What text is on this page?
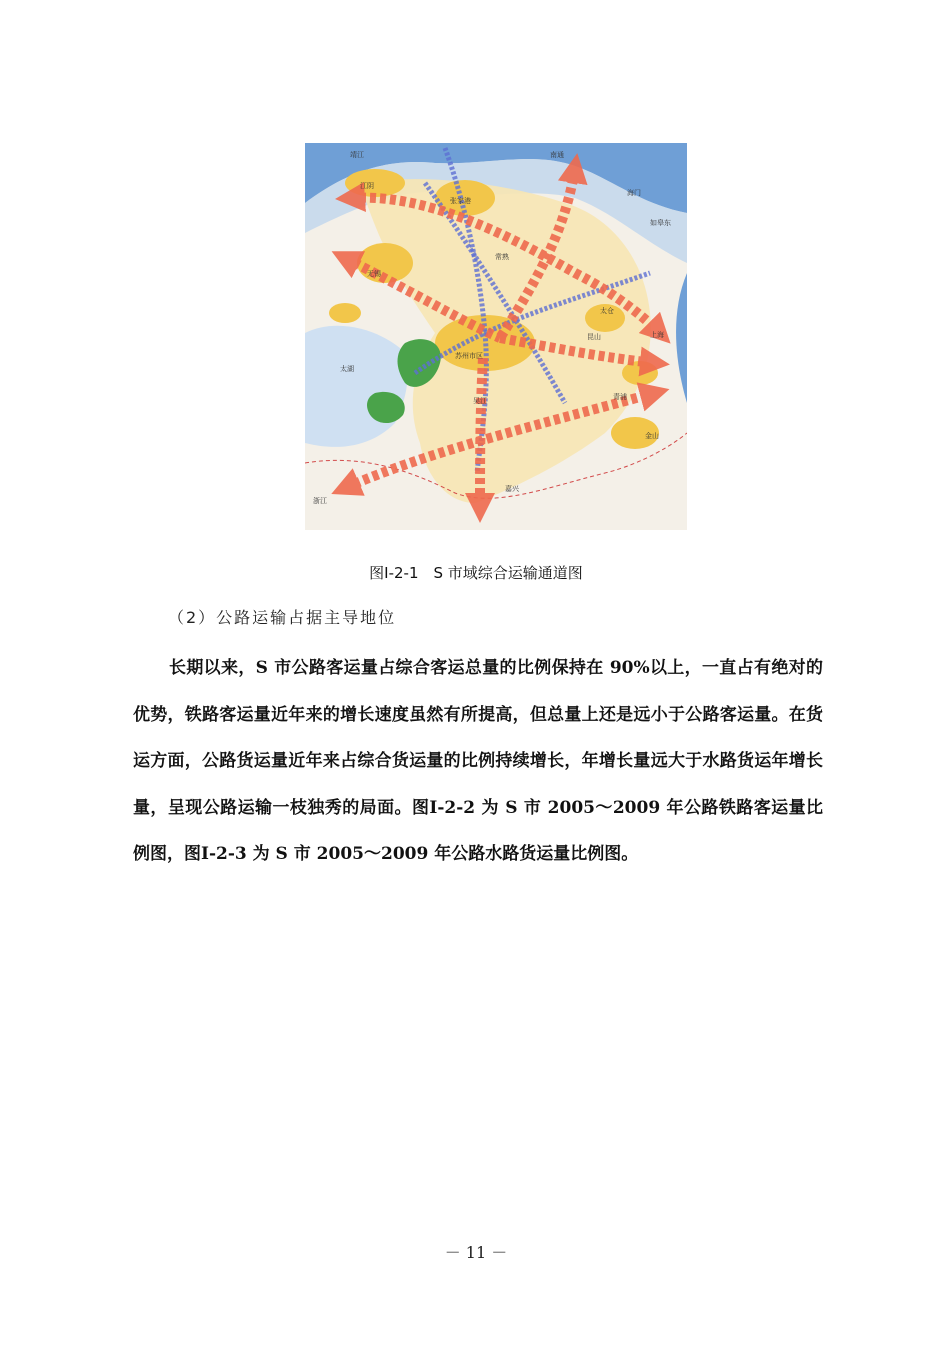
靖江	南通
江阴
海门
张家港
如皋东
常熟
无锡
太仓
昆山
苏州市区
上海
太湖
吴江	青浦
金山
浙江
嘉兴
图I-2-1　S 市域综合运输通道图
（2）公路运输占据主导地位

长期以来，S 市公路客运量占综合客运总量的比例保持在 90%以上，一直占有绝对的优势，铁路客运量近年来的增长速度虽然有所提高，但总量上还是远小于公路客运量。在货运方面，公路货运量近年来占综合货运量的比例持续增长，年增长量远大于水路货运年增长量，呈现公路运输一枝独秀的局面。图I-2-2 为 S 市 2005～2009 年公路铁路客运量比例图，图I-2-3 为 S 市 2005～2009 年公路水路货运量比例图。

－ 11 －
